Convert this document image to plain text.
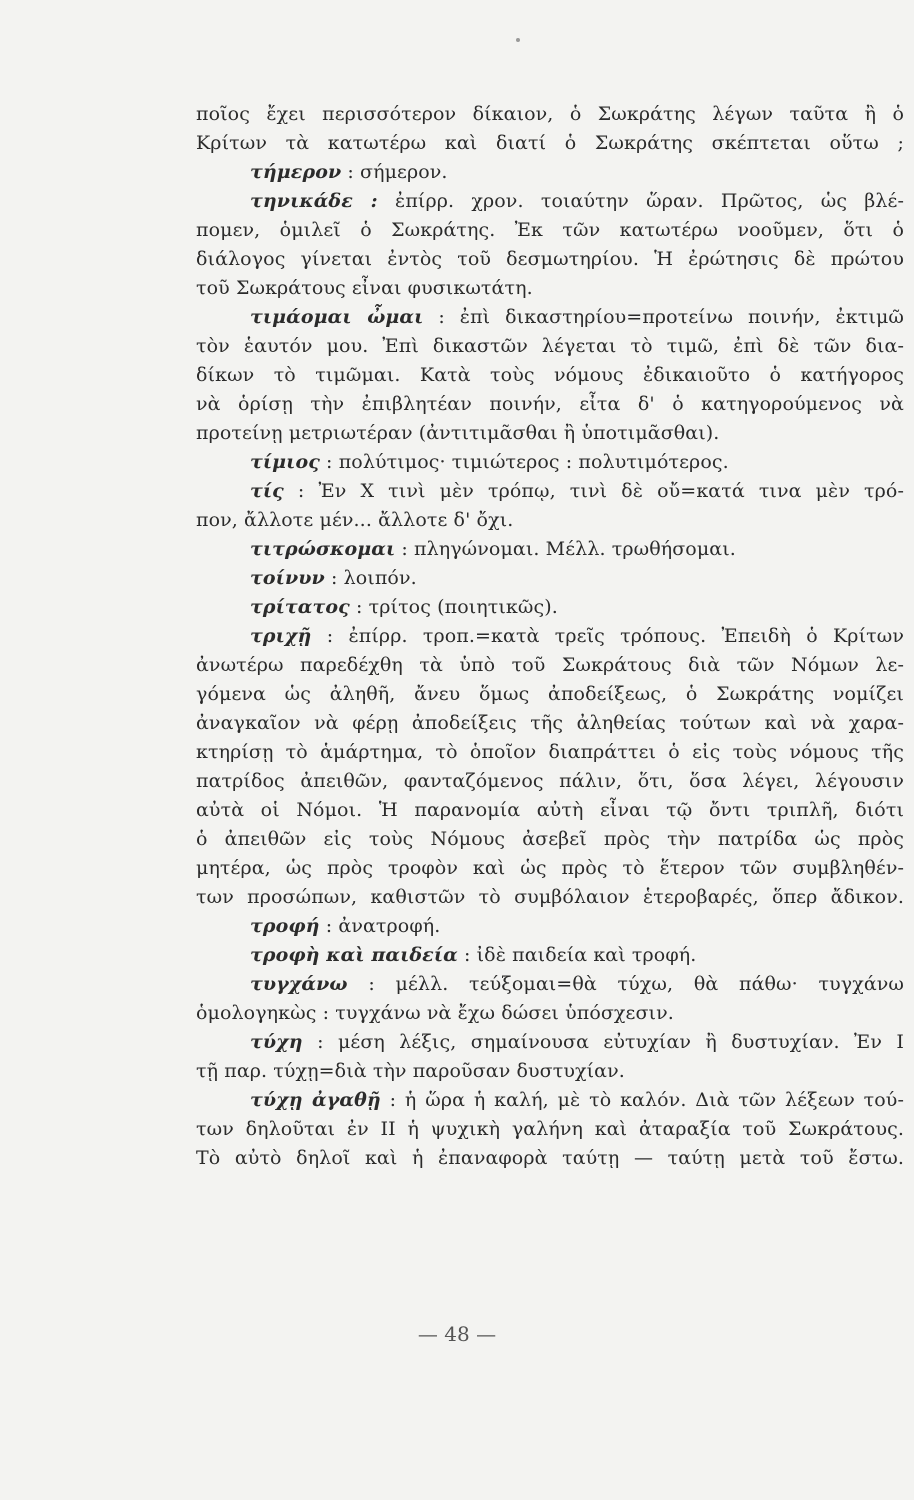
ποῖος ἔχει περισσότερον δίκαιον, ὁ Σωκράτης λέγων ταῦτα ἢ ὁ
Κρίτων τὰ κατωτέρω καὶ διατί ὁ Σωκράτης σκέπτεται οὕτω ;
τήμερον : σήμερον.
τηνικάδε : ἐπίρρ. χρον. τοιαύτην ὥραν. Πρῶτος, ὡς βλέ-
πομεν, ὁμιλεῖ ὁ Σωκράτης. Ἐκ τῶν κατωτέρω νοοῦμεν, ὅτι ὁ
διάλογος γίνεται ἐντὸς τοῦ δεσμωτηρίου. Ἡ ἐρώτησις δὲ πρώτου
τοῦ Σωκράτους εἶναι φυσικωτάτη.
τιμάομαι ὦμαι : ἐπὶ δικαστηρίου=προτείνω ποινήν, ἐκτιμῶ
τὸν ἑαυτόν μου. Ἐπὶ δικαστῶν λέγεται τὸ τιμῶ, ἐπὶ δὲ τῶν δια-
δίκων τὸ τιμῶμαι. Κατὰ τοὺς νόμους ἐδικαιοῦτο ὁ κατήγορος
νὰ ὁρίσῃ τὴν ἐπιβλητέαν ποινήν, εἶτα δ' ὁ κατηγορούμενος νὰ
προτείνῃ μετριωτέραν (ἀντιτιμᾶσθαι ἢ ὑποτιμᾶσθαι).
τίμιος : πολύτιμος· τιμιώτερος : πολυτιμότερος.
τίς : Ἐν Χ τινὶ μὲν τρόπῳ, τινὶ δὲ οὔ=κατά τινα μὲν τρό-
πον, ἄλλοτε μέν... ἄλλοτε δ' ὄχι.
τιτρώσκομαι : πληγώνομαι. Μέλλ. τρωθήσομαι.
τοίνυν : λοιπόν.
τρίτατος : τρίτος (ποιητικῶς).
τριχῇ : ἐπίρρ. τροπ.=κατὰ τρεῖς τρόπους. Ἐπειδὴ ὁ Κρίτων
ἀνωτέρω παρεδέχθη τὰ ὑπὸ τοῦ Σωκράτους διὰ τῶν Νόμων λε-
γόμενα ὡς ἀληθῆ, ἄνευ ὅμως ἀποδείξεως, ὁ Σωκράτης νομίζει
ἀναγκαῖον νὰ φέρῃ ἀποδείξεις τῆς ἀληθείας τούτων καὶ νὰ χαρα-
κτηρίσῃ τὸ ἁμάρτημα, τὸ ὁποῖον διαπράττει ὁ εἰς τοὺς νόμους τῆς
πατρίδος ἀπειθῶν, φανταζόμενος πάλιν, ὅτι, ὅσα λέγει, λέγουσιν
αὐτὰ οἱ Νόμοι. Ἡ παρανομία αὐτὴ εἶναι τῷ ὄντι τριπλῆ, διότι
ὁ ἀπειθῶν εἰς τοὺς Νόμους ἀσεβεῖ πρὸς τὴν πατρίδα ὡς πρὸς
μητέρα, ὡς πρὸς τροφὸν καὶ ὡς πρὸς τὸ ἕτερον τῶν συμβληθέν-
των προσώπων, καθιστῶν τὸ συμβόλαιον ἑτεροβαρές, ὅπερ ἄδικον.
τροφή : ἀνατροφή.
τροφὴ καὶ παιδεία : ἰδὲ παιδεία καὶ τροφή.
τυγχάνω : μέλλ. τεύξομαι=θὰ τύχω, θὰ πάθω· τυγχάνω
ὁμολογηκὼς : τυγχάνω νὰ ἔχω δώσει ὑπόσχεσιν.
τύχη : μέση λέξις, σημαίνουσα εὐτυχίαν ἢ δυστυχίαν. Ἐν I
τῇ παρ. τύχῃ=διὰ τὴν παροῦσαν δυστυχίαν.
τύχῃ ἀγαθῇ : ἡ ὥρα ἡ καλή, μὲ τὸ καλόν. Διὰ τῶν λέξεων τού-
των δηλοῦται ἐν II ἡ ψυχικὴ γαλήνη καὶ ἀταραξία τοῦ Σωκράτους.
Τὸ αὐτὸ δηλοῖ καὶ ἡ ἐπαναφορὰ ταύτῃ — ταύτῃ μετὰ τοῦ ἔστω.
— 48 —
